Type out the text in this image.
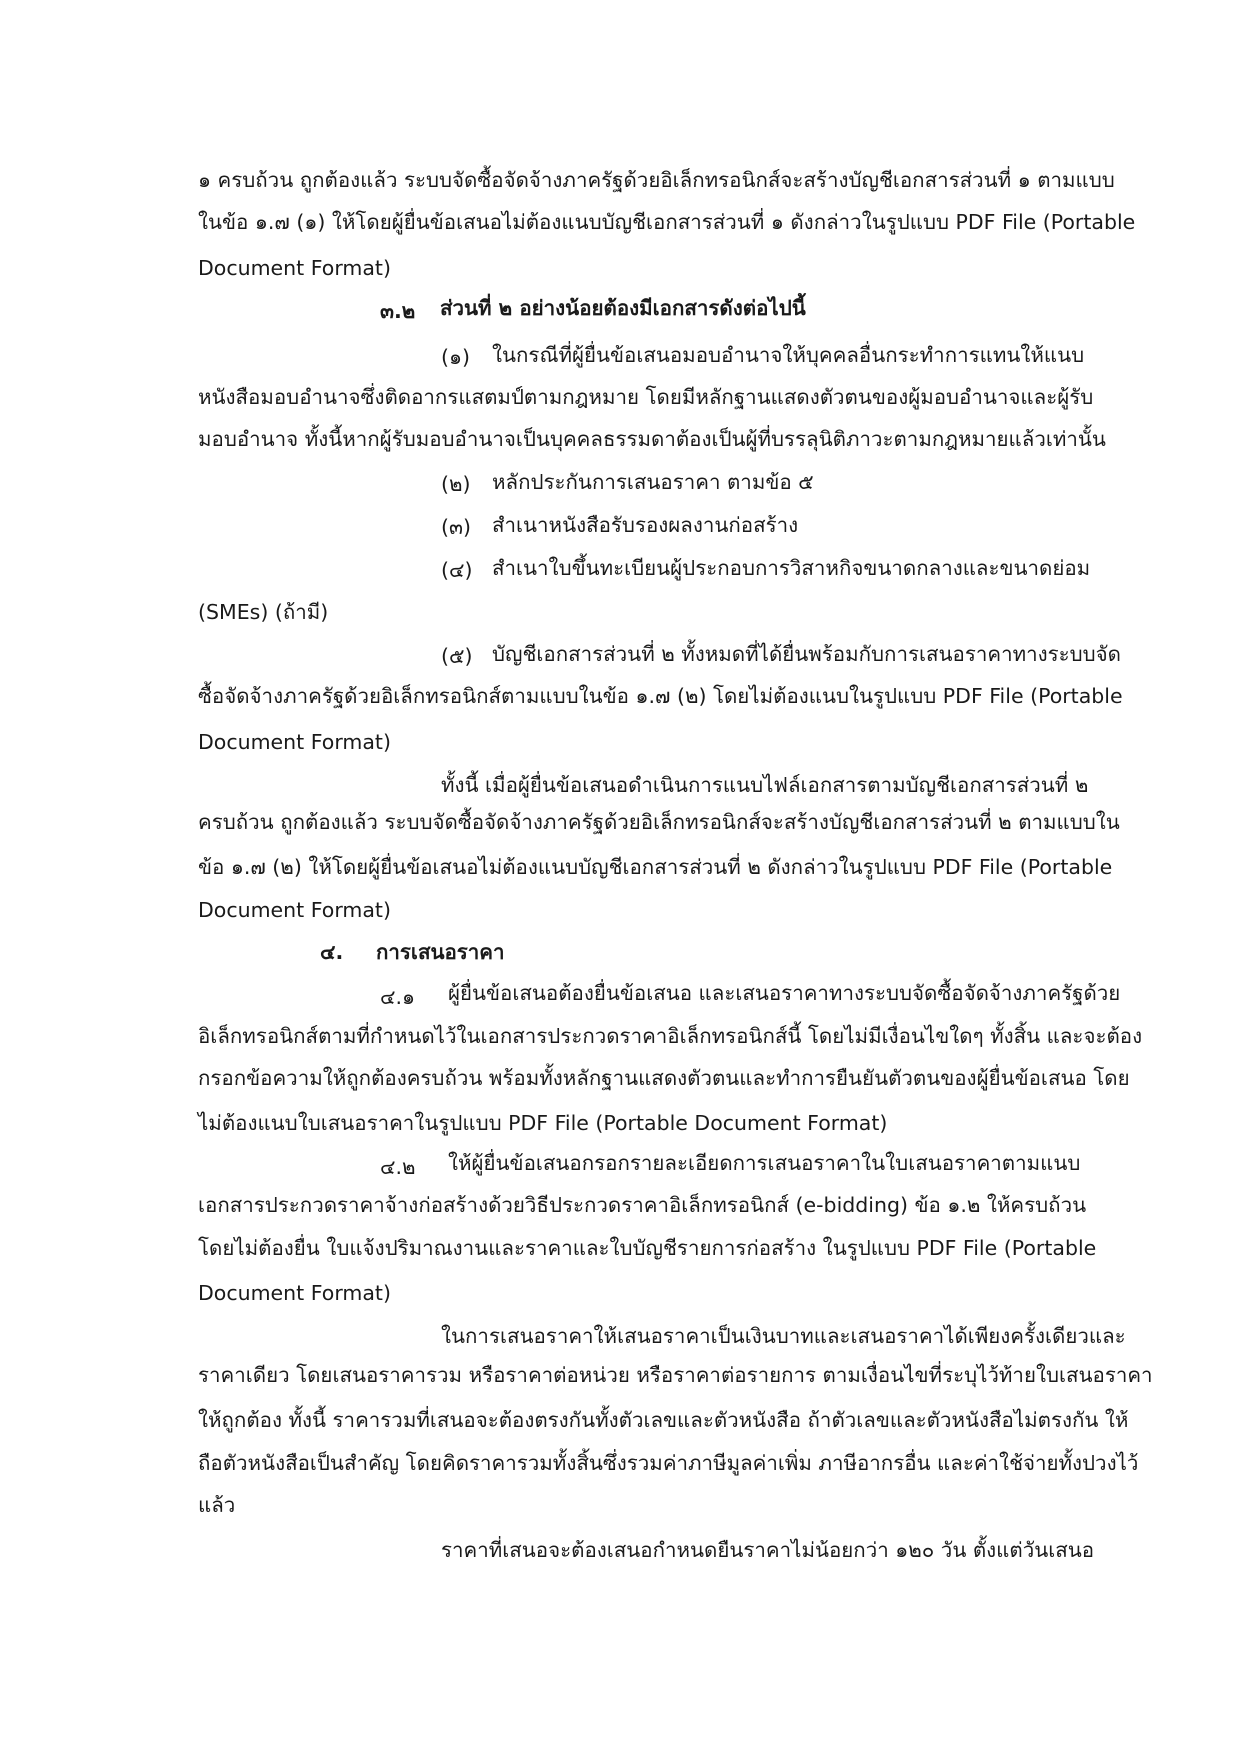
๑ ครบถ้วน ถูกต้องแล้ว ระบบจัดซื้อจัดจ้างภาครัฐด้วยอิเล็กทรอนิกส์จะสร้างบัญชีเอกสารส่วนที่ ๑ ตามแบบ
ในข้อ ๑.๗ (๑) ให้โดยผู้ยื่นข้อเสนอไม่ต้องแนบบัญชีเอกสารส่วนที่ ๑ ดังกล่าวในรูปแบบ PDF File (Portable
Document Format)
๓.๒ ส่วนที่ ๒ อย่างน้อยต้องมีเอกสารดังต่อไปนี้
(๑) ในกรณีที่ผู้ยื่นข้อเสนอมอบอำนาจให้บุคคลอื่นกระทำการแทนให้แนบ
หนังสือมอบอำนาจซึ่งติดอากรแสตมป์ตามกฎหมาย โดยมีหลักฐานแสดงตัวตนของผู้มอบอำนาจและผู้รับ
มอบอำนาจ ทั้งนี้หากผู้รับมอบอำนาจเป็นบุคคลธรรมดาต้องเป็นผู้ที่บรรลุนิติภาวะตามกฎหมายแล้วเท่านั้น
(๒) หลักประกันการเสนอราคา ตามข้อ ๕
(๓) สำเนาหนังสือรับรองผลงานก่อสร้าง
(๔) สำเนาใบขึ้นทะเบียนผู้ประกอบการวิสาหกิจขนาดกลางและขนาดย่อม
(SMEs) (ถ้ามี)
(๕) บัญชีเอกสารส่วนที่ ๒ ทั้งหมดที่ได้ยื่นพร้อมกับการเสนอราคาทางระบบจัด
ซื้อจัดจ้างภาครัฐด้วยอิเล็กทรอนิกส์ตามแบบในข้อ ๑.๗ (๒) โดยไม่ต้องแนบในรูปแบบ PDF File (Portable
Document Format)
ทั้งนี้ เมื่อผู้ยื่นข้อเสนอดำเนินการแนบไฟล์เอกสารตามบัญชีเอกสารส่วนที่ ๒
ครบถ้วน ถูกต้องแล้ว ระบบจัดซื้อจัดจ้างภาครัฐด้วยอิเล็กทรอนิกส์จะสร้างบัญชีเอกสารส่วนที่ ๒ ตามแบบใน
ข้อ ๑.๗ (๒) ให้โดยผู้ยื่นข้อเสนอไม่ต้องแนบบัญชีเอกสารส่วนที่ ๒ ดังกล่าวในรูปแบบ PDF File (Portable
Document Format)
๔. การเสนอราคา
๔.๑ ผู้ยื่นข้อเสนอต้องยื่นข้อเสนอ และเสนอราคาทางระบบจัดซื้อจัดจ้างภาครัฐด้วย
อิเล็กทรอนิกส์ตามที่กำหนดไว้ในเอกสารประกวดราคาอิเล็กทรอนิกส์นี้ โดยไม่มีเงื่อนไขใดๆ ทั้งสิ้น และจะต้อง
กรอกข้อความให้ถูกต้องครบถ้วน พร้อมทั้งหลักฐานแสดงตัวตนและทำการยืนยันตัวตนของผู้ยื่นข้อเสนอ โดย
ไม่ต้องแนบใบเสนอราคาในรูปแบบ PDF File (Portable Document Format)
๔.๒ ให้ผู้ยื่นข้อเสนอกรอกรายละเอียดการเสนอราคาในใบเสนอราคาตามแนบ
เอกสารประกวดราคาจ้างก่อสร้างด้วยวิธีประกวดราคาอิเล็กทรอนิกส์ (e-bidding) ข้อ ๑.๒ ให้ครบถ้วน
โดยไม่ต้องยื่น ใบแจ้งปริมาณงานและราคาและใบบัญชีรายการก่อสร้าง ในรูปแบบ PDF File (Portable
Document Format)
ในการเสนอราคาให้เสนอราคาเป็นเงินบาทและเสนอราคาได้เพียงครั้งเดียวและ
ราคาเดียว โดยเสนอราคารวม หรือราคาต่อหน่วย หรือราคาต่อรายการ ตามเงื่อนไขที่ระบุไว้ท้ายใบเสนอราคา
ให้ถูกต้อง ทั้งนี้ ราคารวมที่เสนอจะต้องตรงกันทั้งตัวเลขและตัวหนังสือ ถ้าตัวเลขและตัวหนังสือไม่ตรงกัน ให้
ถือตัวหนังสือเป็นสำคัญ โดยคิดราคารวมทั้งสิ้นซึ่งรวมค่าภาษีมูลค่าเพิ่ม ภาษีอากรอื่น และค่าใช้จ่ายทั้งปวงไว้
แล้ว
ราคาที่เสนอจะต้องเสนอกำหนดยืนราคาไม่น้อยกว่า ๑๒๐ วัน ตั้งแต่วันเสนอ
